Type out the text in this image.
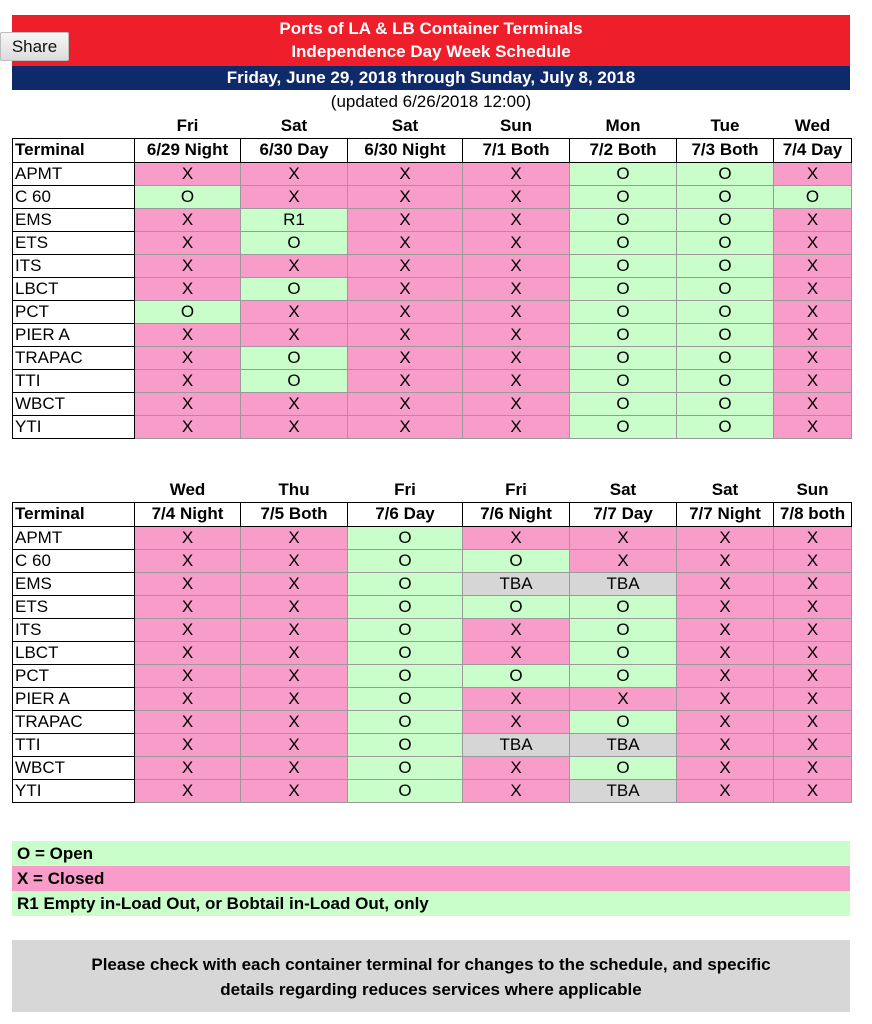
Share
Ports of LA & LB Container Terminals
Independence Day Week Schedule
Friday, June 29, 2018 through Sunday, July 8, 2018
(updated 6/26/2018 12:00)
	Fri	Sat	Sat	Sun	Mon	Tue	Wed
Terminal	6/29 Night	6/30 Day	6/30 Night	7/1 Both	7/2 Both	7/3 Both	7/4 Day
APMT	X	X	X	X	O	O	X
C 60	O	X	X	X	O	O	O
EMS	X	R1	X	X	O	O	X
ETS	X	O	X	X	O	O	X
ITS	X	X	X	X	O	O	X
LBCT	X	O	X	X	O	O	X
PCT	O	X	X	X	O	O	X
PIER A	X	X	X	X	O	O	X
TRAPAC	X	O	X	X	O	O	X
TTI	X	O	X	X	O	O	X
WBCT	X	X	X	X	O	O	X
YTI	X	X	X	X	O	O	X
	Wed	Thu	Fri	Fri	Sat	Sat	Sun
Terminal	7/4 Night	7/5 Both	7/6 Day	7/6 Night	7/7 Day	7/7 Night	7/8 both
APMT	X	X	O	X	X	X	X
C 60	X	X	O	O	X	X	X
EMS	X	X	O	TBA	TBA	X	X
ETS	X	X	O	O	O	X	X
ITS	X	X	O	X	O	X	X
LBCT	X	X	O	X	O	X	X
PCT	X	X	O	O	O	X	X
PIER A	X	X	O	X	X	X	X
TRAPAC	X	X	O	X	O	X	X
TTI	X	X	O	TBA	TBA	X	X
WBCT	X	X	O	X	O	X	X
YTI	X	X	O	X	TBA	X	X
O = Open
X = Closed
R1 Empty in-Load Out, or Bobtail in-Load Out, only
Please check with each container terminal for changes to the schedule, and specific
details regarding reduces services where applicable
